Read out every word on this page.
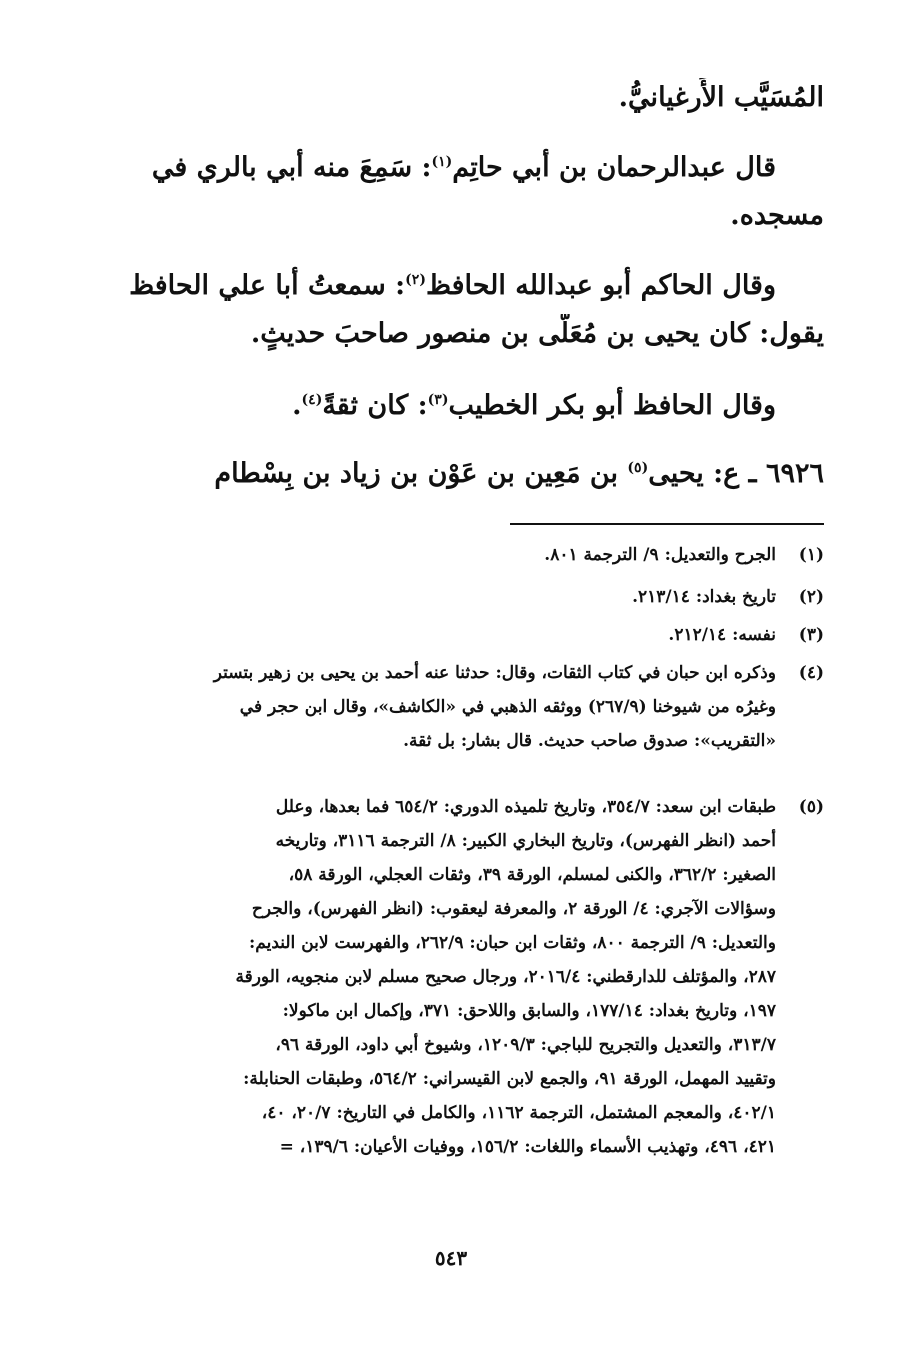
المُسَيَّب الأَرغيانيُّ.
قال عبدالرحمان بن أبي حاتِم$^{(١)}$: سَمِعَ منه أبي بالري في
مسجده.
وقال الحاكم أبو عبدالله الحافظ$^{(٢)}$: سمعتُ أبا علي الحافظ
يقول: كان يحيى بن مُعَلَّى بن منصور صاحبَ حديثٍ.
وقال الحافظ أبو بكر الخطيب$^{(٣)}$: كان ثقةً$^{(٤)}$.
٦٩٢٦ ـ ع: يحيى$^{(٥)}$ بن مَعِين بن عَوْن بن زياد بن بِسْطام
(١)
الجرح والتعديل: ٩/ الترجمة ٨٠١.
(٢)
تاريخ بغداد: ٢١٣/١٤.
(٣)
نفسه: ٢١٢/١٤.
(٤)
وذكره ابن حبان في كتاب الثقات، وقال: حدثنا عنه أحمد بن يحيى بن زهير بتستر
وغيرُه من شيوخنا (٢٦٧/٩) ووثقه الذهبي في «الكاشف»، وقال ابن حجر في
«التقريب»: صدوق صاحب حديث. قال بشار: بل ثقة.
(٥)
طبقات ابن سعد: ٣٥٤/٧، وتاريخ تلميذه الدوري: ٦٥٤/٢ فما بعدها، وعلل
أحمد (انظر الفهرس)، وتاريخ البخاري الكبير: ٨/ الترجمة ٣١١٦، وتاريخه
الصغير: ٣٦٢/٢، والكنى لمسلم، الورقة ٣٩، وثقات العجلي، الورقة ٥٨،
وسؤالات الآجري: ٤/ الورقة ٢، والمعرفة ليعقوب: (انظر الفهرس)، والجرح
والتعديل: ٩/ الترجمة ٨٠٠، وثقات ابن حبان: ٢٦٢/٩، والفهرست لابن النديم:
٢٨٧، والمؤتلف للدارقطني: ٢٠١٦/٤، ورجال صحيح مسلم لابن منجويه، الورقة
١٩٧، وتاريخ بغداد: ١٧٧/١٤، والسابق واللاحق: ٣٧١، وإكمال ابن ماكولا:
٣١٣/٧، والتعديل والتجريح للباجي: ١٢٠٩/٣، وشيوخ أبي داود، الورقة ٩٦،
وتقييد المهمل، الورقة ٩١، والجمع لابن القيسراني: ٥٦٤/٢، وطبقات الحنابلة:
٤٠٢/١، والمعجم المشتمل، الترجمة ١١٦٢، والكامل في التاريخ: ٢٠/٧، ٤٠،
٤٢١، ٤٩٦، وتهذيب الأسماء واللغات: ١٥٦/٢، ووفيات الأعيان: ١٣٩/٦، =
٥٤٣
